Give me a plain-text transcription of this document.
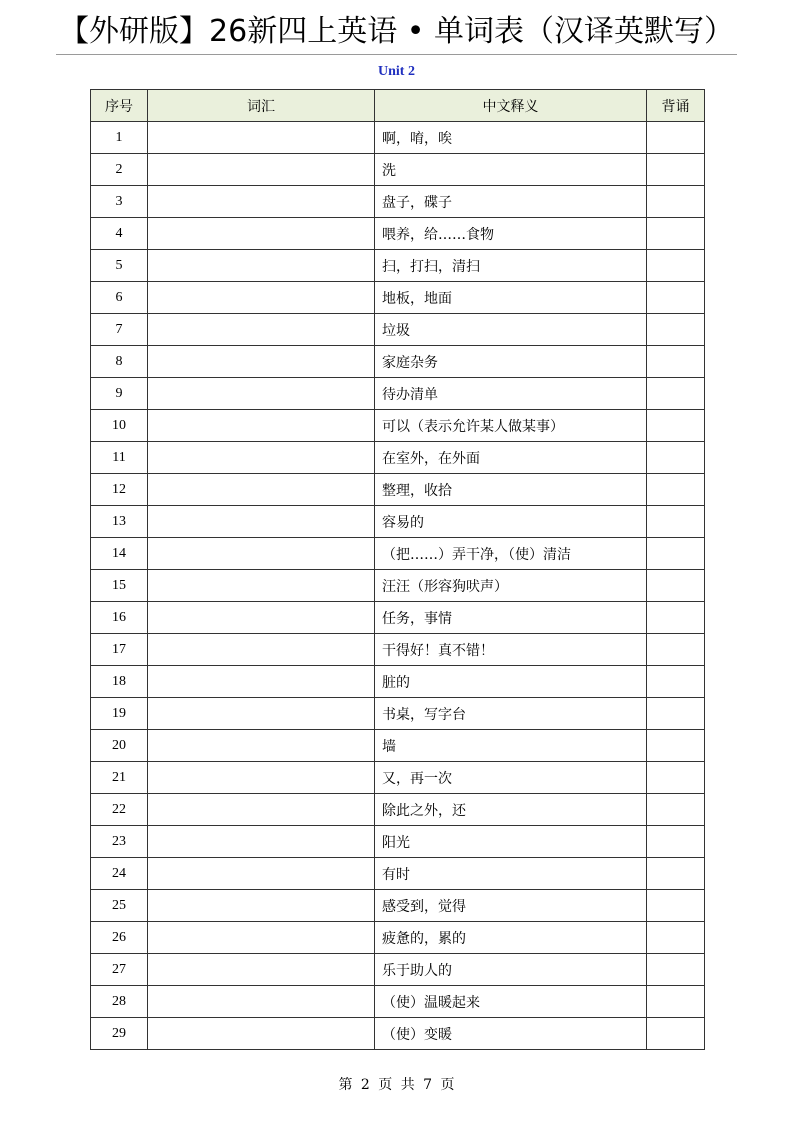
【外研版】26新四上英语 • 单词表（汉译英默写）
Unit 2
序号	词汇	中文释义	背诵
1		啊，唷，唉	
2		洗	
3		盘子，碟子	
4		喂养，给……食物	
5		扫，打扫，清扫	
6		地板，地面	
7		垃圾	
8		家庭杂务	
9		待办清单	
10		可以（表示允许某人做某事）	
11		在室外，在外面	
12		整理，收拾	
13		容易的	
14		（把……）弄干净，（使）清洁	
15		汪汪（形容狗吠声）	
16		任务，事情	
17		干得好！真不错！	
18		脏的	
19		书桌，写字台	
20		墙	
21		又，再一次	
22		除此之外，还	
23		阳光	
24		有时	
25		感受到，觉得	
26		疲惫的，累的	
27		乐于助人的	
28		（使）温暖起来	
29		（使）变暖	
第 2 页 共 7 页
